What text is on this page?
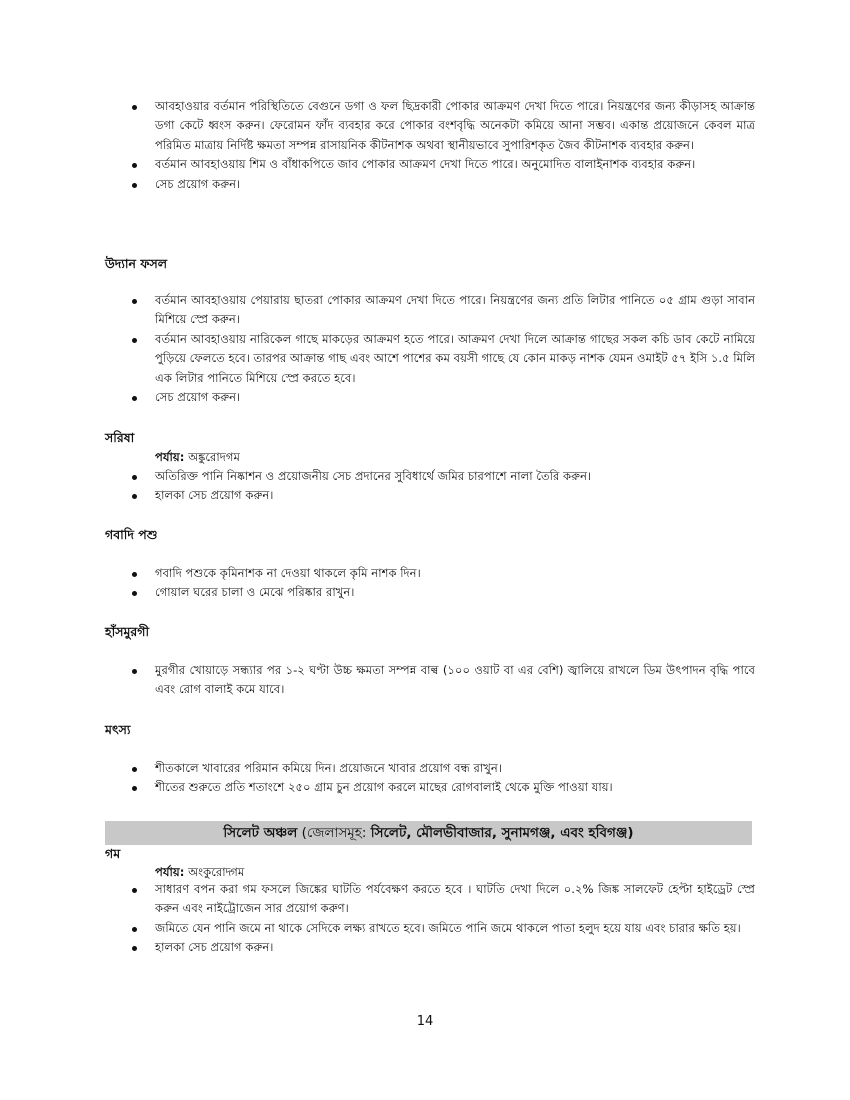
আবহাওয়ার বর্তমান পরিস্থিতিতে বেগুনে ডগা ও ফল ছিদ্রকারী পোকার আক্রমণ দেখা দিতে পারে। নিয়ন্ত্রণের জন্য কীড়াসহ আক্রান্ত ডগা কেটে ধ্বংস করুন। ফেরোমন ফাঁদ ব্যবহার করে পোকার বংশবৃদ্ধি অনেকটা কমিয়ে আনা সম্ভব। একান্ত প্রয়োজনে কেবল মাত্র পরিমিত মাত্রায় নির্দিষ্ট ক্ষমতা সম্পন্ন রাসায়নিক কীটনাশক অথবা স্থানীয়ভাবে সুপারিশকৃত জৈব কীটনাশক ব্যবহার করুন।
বর্তমান আবহাওয়ায় শিম ও বাঁধাকপিতে জাব পোকার আক্রমণ দেখা দিতে পারে। অনুমোদিত বালাইনাশক ব্যবহার করুন।
সেচ প্রয়োগ করুন।
উদ্যান ফসল
বর্তমান আবহাওয়ায় পেয়ারায় ছাতরা পোকার আক্রমণ দেখা দিতে পারে। নিয়ন্ত্রণের জন্য প্রতি লিটার পানিতে ০৫ গ্রাম গুড়া সাবান মিশিয়ে স্প্রে করুন।
বর্তমান আবহাওয়ায় নারিকেল গাছে মাকড়ের আক্রমণ হতে পারে। আক্রমণ দেখা দিলে আক্রান্ত গাছের সকল কচি ডাব কেটে নামিয়ে পুড়িয়ে ফেলতে হবে। তারপর আক্রান্ত গাছ এবং আশে পাশের কম বয়সী গাছে যে কোন মাকড় নাশক যেমন ওমাইট ৫৭ ইসি ১.৫ মিলি এক লিটার পানিতে মিশিয়ে স্প্রে করতে হবে।
সেচ প্রয়োগ করুন।
সরিষা
পর্যায়: অঙ্কুরোদগম
অতিরিক্ত পানি নিষ্কাশন ও প্রয়োজনীয় সেচ প্রদানের সুবিধার্থে জমির চারপাশে নালা তৈরি করুন।
হালকা সেচ প্রয়োগ করুন।
গবাদি পশু
গবাদি পশুকে কৃমিনাশক না দেওয়া থাকলে কৃমি নাশক দিন।
গোয়াল ঘরের চালা ও মেঝে পরিষ্কার রাখুন।
হাঁসমুরগী
মুরগীর খোয়াড়ে সন্ধ্যার পর ১-২ ঘণ্টা উচ্চ ক্ষমতা সম্পন্ন বাল্ব (১০০ ওয়াট বা এর বেশি) জ্বালিয়ে রাখলে ডিম উৎপাদন বৃদ্ধি পাবে এবং রোগ বালাই কমে যাবে।
মৎস্য
শীতকালে খাবারের পরিমান কমিয়ে দিন। প্রয়োজনে খাবার প্রয়োগ বন্ধ রাখুন।
শীতের শুরুতে প্রতি শতাংশে ২৫০ গ্রাম চুন প্রয়োগ করলে মাছের রোগবালাই থেকে মুক্তি পাওয়া যায়।
সিলেট অঞ্চল (জেলাসমূহ: সিলেট, মৌলভীবাজার, সুনামগঞ্জ, এবং হবিগঞ্জ)
গম
পর্যায়: অংকুরোদ্গম
সাধারণ বপন করা গম ফসলে জিঙ্কের ঘাটতি পর্যবেক্ষণ করতে হবে । ঘাটতি দেখা দিলে ০.২% জিঙ্ক সালফেট হেপ্টা হাইড্রেট স্প্রে করুন এবং নাইট্রোজেন সার প্রয়োগ করুণ।
জমিতে যেন পানি জমে না থাকে সেদিকে লক্ষ্য রাখতে হবে। জমিতে পানি জমে থাকলে পাতা হলুদ হয়ে যায় এবং চারার ক্ষতি হয়।
হালকা সেচ প্রয়োগ করুন।
14
